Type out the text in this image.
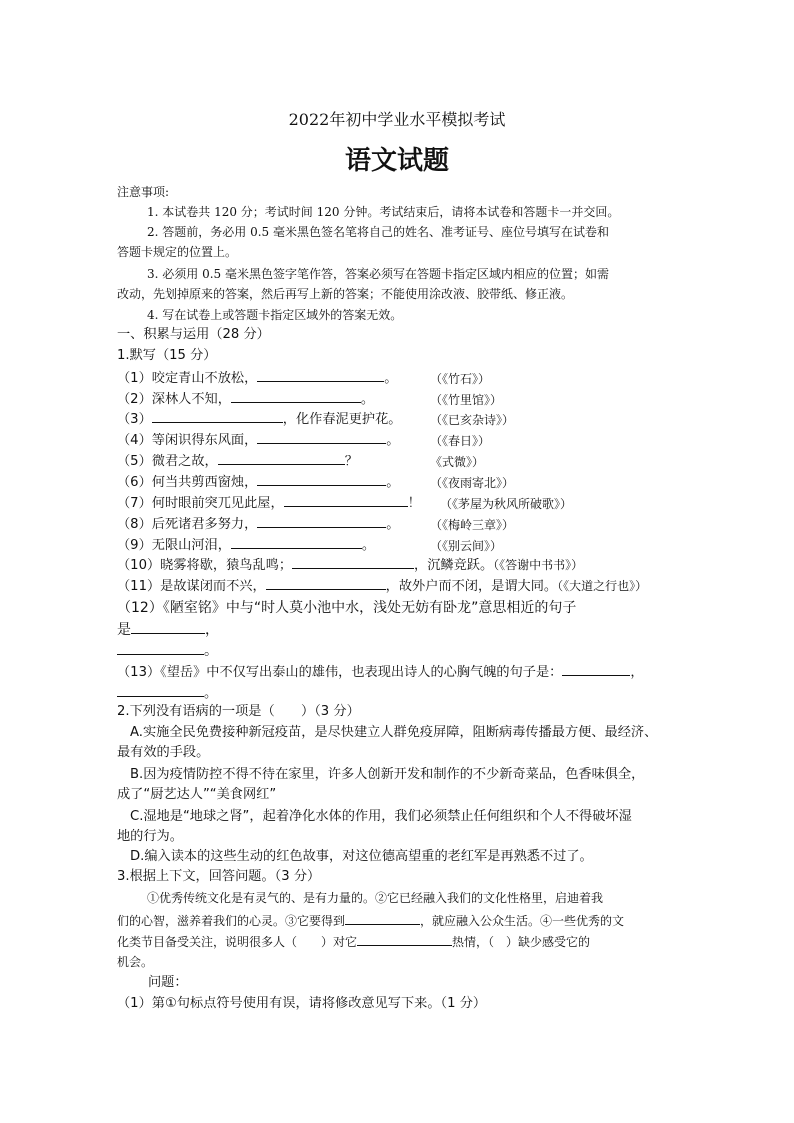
2022年初中学业水平模拟考试
语文试题
注意事项:
1. 本试卷共 120 分；考试时间 120 分钟。考试结束后，请将本试卷和答题卡一并交回。
2. 答题前，务必用 0.5 毫米黑色签名笔将自己的姓名、准考证号、座位号填写在试卷和
答题卡规定的位置上。
3. 必须用 0.5 毫米黑色签字笔作答，答案必须写在答题卡指定区域内相应的位置；如需
改动，先划掉原来的答案，然后再写上新的答案；不能使用涂改液、胶带纸、修正液。
4. 写在试卷上或答题卡指定区域外的答案无效。
一、积累与运用（28 分）
1.默写（15 分）
（1）咬定青山不放松，	。	（《竹石》）
（2）深林人不知，	。	（《竹里馆》）
（3）	，化作春泥更护花。 （《已亥杂诗》）
（4）等闲识得东风面，	。	（《春日》）
（5）微君之故，	？	《式微》）
（6）何当共剪西窗烛，	。	（《夜雨寄北》）
（7）何时眼前突兀见此屋，	！ （《茅屋为秋风所破歌》）
（8）后死诸君多努力，	。	（《梅岭三章》）
（9）无限山河泪，	。	（《别云间》）
（10）晓雾将歇，猿鸟乱鸣；	，沉鳞竞跃。（《答谢中书书》）
（11）是故谋闭而不兴，	，故外户而不闭，是谓大同。（《大道之行也》）
（12）《陋室铭》中与“时人莫小池中水，浅处无妨有卧龙”意思相近的句子
是	，
。
（13）《望岳》中不仅写出泰山的雄伟，也表现出诗人的心胸气魄的句子是：	，
。
2.下列没有语病的一项是（　　）（3 分）
A.实施全民免费接种新冠疫苗，是尽快建立人群免疫屏障，阻断病毒传播最方便、最经济、
最有效的手段。
B.因为疫情防控不得不待在家里，许多人创新开发和制作的不少新奇菜品，色香味俱全，
成了“厨艺达人”“美食网红”
C.湿地是“地球之肾”，起着净化水体的作用，我们必须禁止任何组织和个人不得破坏湿
地的行为。
D.编入读本的这些生动的红色故事，对这位德高望重的老红军是再熟悉不过了。
3.根据上下文，回答问题。（3 分）
①优秀传统文化是有灵气的、是有力量的。②它已经融入我们的文化性格里，启迪着我
们的心智，滋养着我们的心灵。③它要得到	，就应融入公众生活。④一些优秀的文
化类节目备受关注，说明很多人（　　）对它	热情，（　）缺少感受它的
机会。
问题：
（1）第①句标点符号使用有误，请将修改意见写下来。（1 分）
